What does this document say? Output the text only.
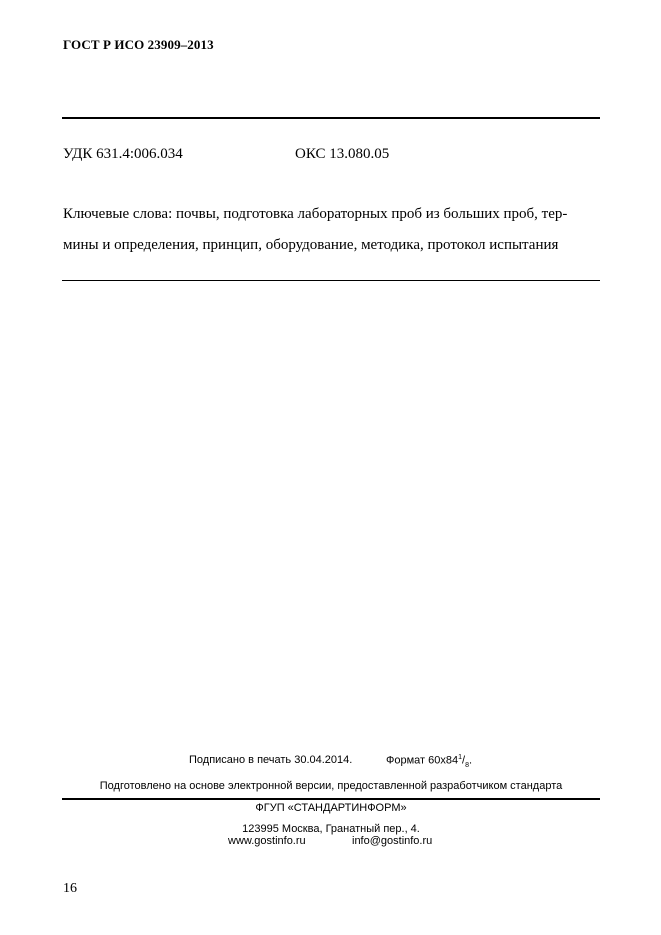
ГОСТ Р ИСО 23909–2013
УДК 631.4:006.034	ОКС 13.080.05
Ключевые слова: почвы, подготовка лабораторных проб из больших проб, тер-
мины и определения, принцип, оборудование, методика, протокол испытания
Подписано в печать 30.04.2014.	Формат $60х84^1/_8$.
Подготовлено на основе электронной версии, предоставленной разработчиком стандарта
ФГУП «СТАНДАРТИНФОРМ»
123995 Москва, Гранатный пер., 4.
www.gostinfo.ru	info@gostinfo.ru
16
